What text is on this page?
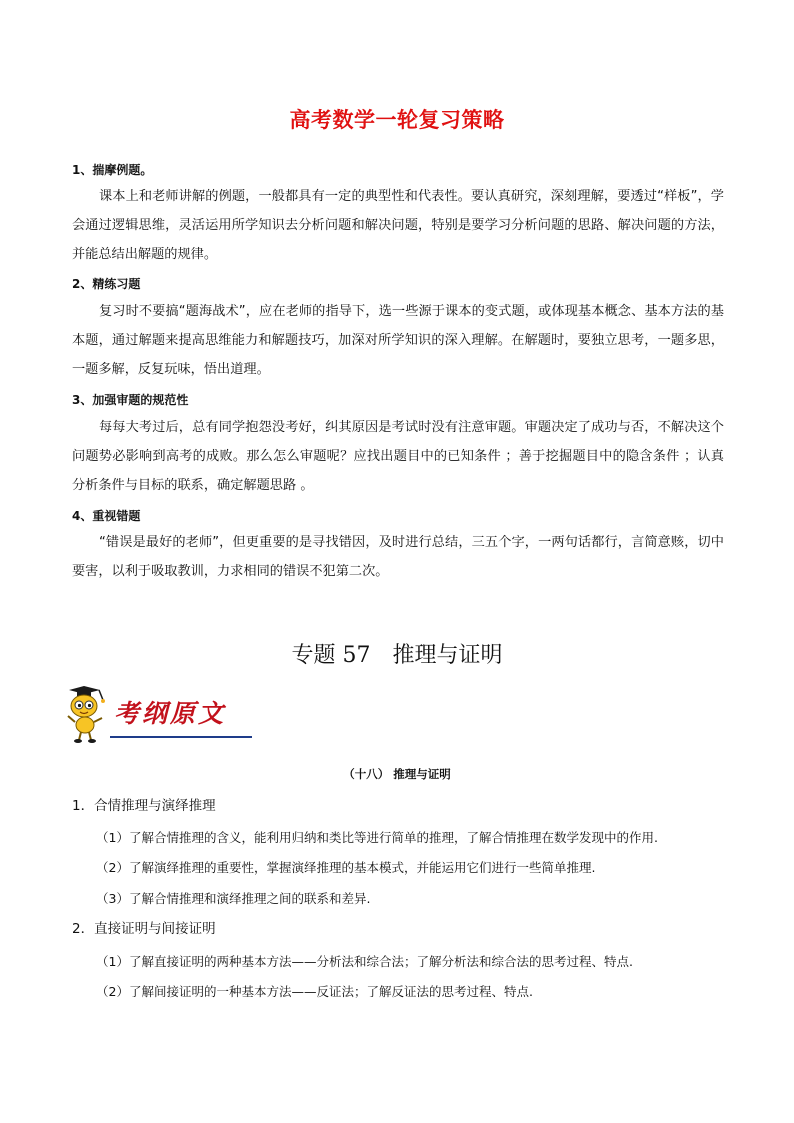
高考数学一轮复习策略
1、揣摩例题。
课本上和老师讲解的例题，一般都具有一定的典型性和代表性。要认真研究，深刻理解，要透过“样板”，学会通过逻辑思维，灵活运用所学知识去分析问题和解决问题，特别是要学习分析问题的思路、解决问题的方法，并能总结出解题的规律。
2、精练习题
复习时不要搞“题海战术”，应在老师的指导下，选一些源于课本的变式题，或体现基本概念、基本方法的基本题，通过解题来提高思维能力和解题技巧，加深对所学知识的深入理解。在解题时，要独立思考，一题多思，一题多解，反复玩味，悟出道理。
3、加强审题的规范性
每每大考过后，总有同学抱怨没考好，纠其原因是考试时没有注意审题。审题决定了成功与否，不解决这个问题势必影响到高考的成败。那么怎么审题呢？应找出题目中的已知条件 ；善于挖掘题目中的隐含条件 ；认真分析条件与目标的联系，确定解题思路 。
4、重视错题
“错误是最好的老师”，但更重要的是寻找错因，及时进行总结，三五个字，一两句话都行，言简意赅，切中要害，以利于吸取教训，力求相同的错误不犯第二次。
专题 57 推理与证明
考纲原文
（十八） 推理与证明
1．合情推理与演绎推理
（1）了解合情推理的含义，能利用归纳和类比等进行简单的推理，了解合情推理在数学发现中的作用.
（2）了解演绎推理的重要性，掌握演绎推理的基本模式，并能运用它们进行一些简单推理.
（3）了解合情推理和演绎推理之间的联系和差异.
2．直接证明与间接证明
（1）了解直接证明的两种基本方法——分析法和综合法；了解分析法和综合法的思考过程、特点.
（2）了解间接证明的一种基本方法——反证法；了解反证法的思考过程、特点.
